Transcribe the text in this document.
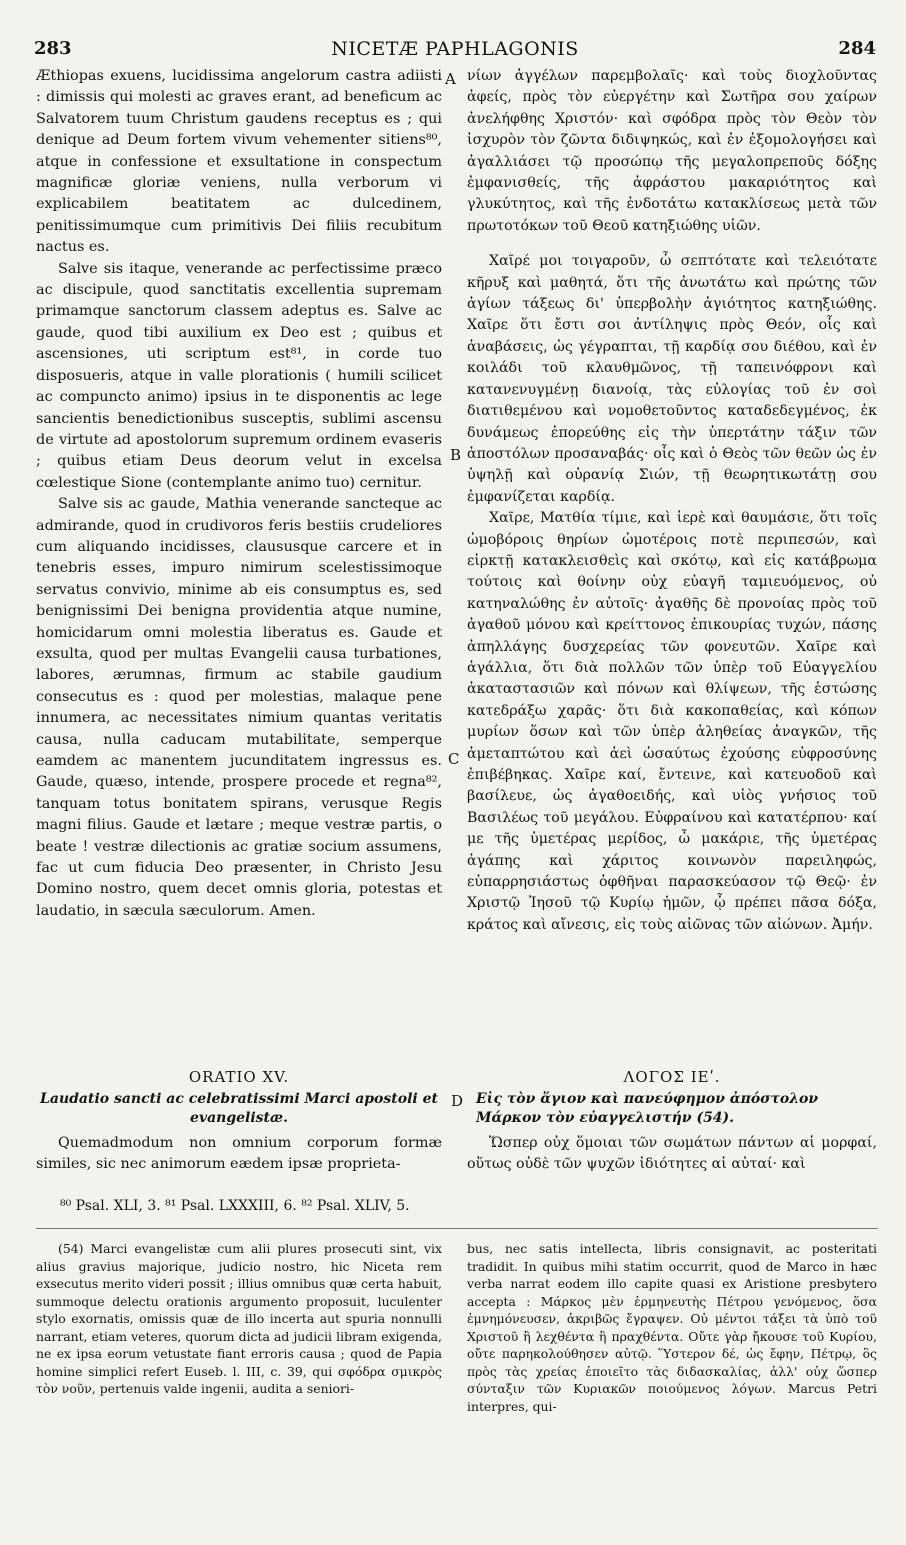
283	NICETÆ PAPHLAGONIS	284
A
B
C
D

Æthiopas exuens, lucidissima angelorum castra adiisti : dimissis qui molesti ac graves erant, ad beneficum ac Salvatorem tuum Christum gaudens receptus es ; qui denique ad Deum fortem vivum vehementer sitiens⁸⁰, atque in confessione et exsultatione in conspectum magnificæ gloriæ veniens, nulla verborum vi explicabilem beatitatem ac dulcedinem, penitissimumque cum primitivis Dei filiis recubitum nactus es.

Salve sis itaque, venerande ac perfectissime præco ac discipule, quod sanctitatis excellentia supremam primamque sanctorum classem adeptus es. Salve ac gaude, quod tibi auxilium ex Deo est ; quibus et ascensiones, uti scriptum est⁸¹, in corde tuo disposueris, atque in valle plorationis ( humili scilicet ac compuncto animo) ipsius in te disponentis ac lege sancientis benedictionibus susceptis, sublimi ascensu de virtute ad apostolorum supremum ordinem evaseris ; quibus etiam Deus deorum velut in excelsa cœlestique Sione (contemplante animo tuo) cernitur.

Salve sis ac gaude, Mathia venerande sancteque ac admirande, quod in crudivoros feris bestiis crudeliores cum aliquando incidisses, claususque carcere et in tenebris esses, impuro nimirum scelestissimoque servatus convivio, minime ab eis consumptus es, sed benignissimi Dei benigna providentia atque numine, homicidarum omni molestia liberatus es. Gaude et exsulta, quod per multas Evangelii causa turbationes, labores, ærumnas, firmum ac stabile gaudium consecutus es : quod per molestias, malaque pene innumera, ac necessitates nimium quantas veritatis causa, nulla caducam mutabilitate, semperque eamdem ac manentem jucunditatem ingressus es. Gaude, quæso, intende, prospere procede et regna⁸², tanquam totus bonitatem spirans, verusque Regis magni filius. Gaude et lætare ; meque vestræ partis, o beate ! vestræ dilectionis ac gratiæ socium assumens, fac ut cum fiducia Deo præsenter, in Christo Jesu Domino nostro, quem decet omnis gloria, potestas et laudatio, in sæcula sæculorum. Amen.

νίων ἀγγέλων παρεμβολαῖς· καὶ τοὺς διοχλοῦντας ἀφείς, πρὸς τὸν εὐεργέτην καὶ Σωτῆρα σου χαίρων ἀνελήφθης Χριστόν· καὶ σφόδρα πρὸς τὸν Θεὸν τὸν ἰσχυρὸν τὸν ζῶντα διδιψηκώς, καὶ ἐν ἐξομολογήσει καὶ ἀγαλλιάσει τῷ προσώπῳ τῆς μεγαλοπρεποῦς δόξης ἐμφανισθείς, τῆς ἀφράστου μακαριότητος καὶ γλυκύτητος, καὶ τῆς ἐνδοτάτω κατακλίσεως μετὰ τῶν πρωτοτόκων τοῦ Θεοῦ κατηξιώθης υἱῶν.

Χαῖρέ μοι τοιγαροῦν, ὦ σεπτότατε καὶ τελειότατε κῆρυξ καὶ μαθητά, ὅτι τῆς ἀνωτάτω καὶ πρώτης τῶν ἁγίων τάξεως δι' ὑπερβολὴν ἁγιότητος κατηξιώθης. Χαῖρε ὅτι ἔστι σοι ἀντίληψις πρὸς Θεόν, οἷς καὶ ἀναβάσεις, ὡς γέγραπται, τῇ καρδίᾳ σου διέθου, καὶ ἐν κοιλάδι τοῦ κλαυθμῶνος, τῇ ταπεινόφρονι καὶ κατανενυγμένῃ διανοίᾳ, τὰς εὐλογίας τοῦ ἐν σοὶ διατιθεμένου καὶ νομοθετοῦντος καταδεδεγμένος, ἐκ δυνάμεως ἐπορεύθης εἰς τὴν ὑπερτάτην τάξιν τῶν ἀποστόλων προσαναβάς· οἷς καὶ ὁ Θεὸς τῶν θεῶν ὡς ἐν ὑψηλῇ καὶ οὐρανίᾳ Σιών, τῇ θεωρητικωτάτῃ σου ἐμφανίζεται καρδίᾳ.

Χαῖρε, Ματθία τίμιε, καὶ ἱερὲ καὶ θαυμάσιε, ὅτι τοῖς ὠμοβόροις θηρίων ὠμοτέροις ποτὲ περιπεσών, καὶ εἱρκτῇ κατακλεισθεὶς καὶ σκότῳ, καὶ εἰς κατάβρωμα τούτοις καὶ θοίνην οὐχ εὐαγῆ ταμιευόμενος, οὐ κατηναλώθης ἐν αὐτοῖς· ἀγαθῆς δὲ προνοίας πρὸς τοῦ ἀγαθοῦ μόνου καὶ κρείττονος ἐπικουρίας τυχών, πάσης ἀπηλλάγης δυσχερείας τῶν φονευτῶν. Χαῖρε καὶ ἀγάλλια, ὅτι διὰ πολλῶν τῶν ὑπὲρ τοῦ Εὐαγγελίου ἀκαταστασιῶν καὶ πόνων καὶ θλίψεων, τῆς ἑστώσης κατεδράξω χαρᾶς· ὅτι διὰ κακοπαθείας, καὶ κόπων μυρίων ὅσων καὶ τῶν ὑπὲρ ἀληθείας ἀναγκῶν, τῆς ἀμεταπτώτου καὶ ἀεὶ ὡσαύτως ἐχούσης εὐφροσύνης ἐπιβέβηκας. Χαῖρε καί, ἔντεινε, καὶ κατευοδοῦ καὶ βασίλευε, ὡς ἀγαθοειδής, καὶ υἱὸς γνήσιος τοῦ Βασιλέως τοῦ μεγάλου. Εὐφραίνου καὶ κατατέρπου· καί με τῆς ὑμετέρας μερίδος, ὦ μακάριε, τῆς ὑμετέρας ἀγάπης καὶ χάριτος κοινωνὸν παρειληφώς, εὐπαρρησιάστως ὀφθῆναι παρασκεύασον τῷ Θεῷ· ἐν Χριστῷ Ἰησοῦ τῷ Κυρίῳ ἡμῶν, ᾧ πρέπει πᾶσα δόξα, κράτος καὶ αἴνεσις, εἰς τοὺς αἰῶνας τῶν αἰώνων. Ἀμήν.

ORATIO XV.	ΛΟΓΟΣ ΙΕʹ.
Laudatio sancti ac celebratissimi Marci apostoli et evangelistæ.
Εἰς τὸν ἅγιον καὶ πανεύφημον ἀπόστολον Μάρκον τὸν εὐαγγελιστήν (54).
Quemadmodum non omnium corporum formæ similes, sic nec animorum eædem ipsæ proprieta-
Ὥσπερ οὐχ ὅμοιαι τῶν σωμάτων πάντων αἱ μορφαί, οὕτως οὐδὲ τῶν ψυχῶν ἰδιότητες αἱ αὐταί· καὶ
⁸⁰ Psal. XLI, 3. ⁸¹ Psal. LXXXIII, 6. ⁸² Psal. XLIV, 5.
(54) Marci evangelistæ cum alii plures prosecuti sint, vix alius gravius majorique, judicio nostro, hic Niceta rem exsecutus merito videri possit ; illius omnibus quæ certa habuit, summoque delectu orationis argumento proposuit, luculenter stylo exornatis, omissis quæ de illo incerta aut spuria nonnulli narrant, etiam veteres, quorum dicta ad judicii libram exigenda, ne ex ipsa eorum vetustate fiant erroris causa ; quod de Papia homine simplici refert Euseb. l. III, c. 39, qui σφόδρα σμικρὸς τὸν νοῦν, pertenuis valde ingenii, audita a seniori-
bus, nec satis intellecta, libris consignavit, ac posteritati tradidit. In quibus mihi statim occurrit, quod de Marco in hæc verba narrat eodem illo capite quasi ex Aristione presbytero accepta : Μάρκος μὲν ἑρμηνευτὴς Πέτρου γενόμενος, ὅσα ἐμνημόνευσεν, ἀκριβῶς ἔγραψεν. Οὐ μέντοι τάξει τὰ ὑπὸ τοῦ Χριστοῦ ἢ λεχθέντα ἢ πραχθέντα. Οὔτε γὰρ ἤκουσε τοῦ Κυρίου, οὔτε παρηκολούθησεν αὐτῷ. Ὕστερον δέ, ὡς ἔφην, Πέτρῳ, ὃς πρὸς τὰς χρείας ἐποιεῖτο τὰς διδασκαλίας, ἀλλ' οὐχ ὥσπερ σύνταξιν τῶν Κυριακῶν ποιούμενος λόγων. Marcus Petri interpres, qui-
